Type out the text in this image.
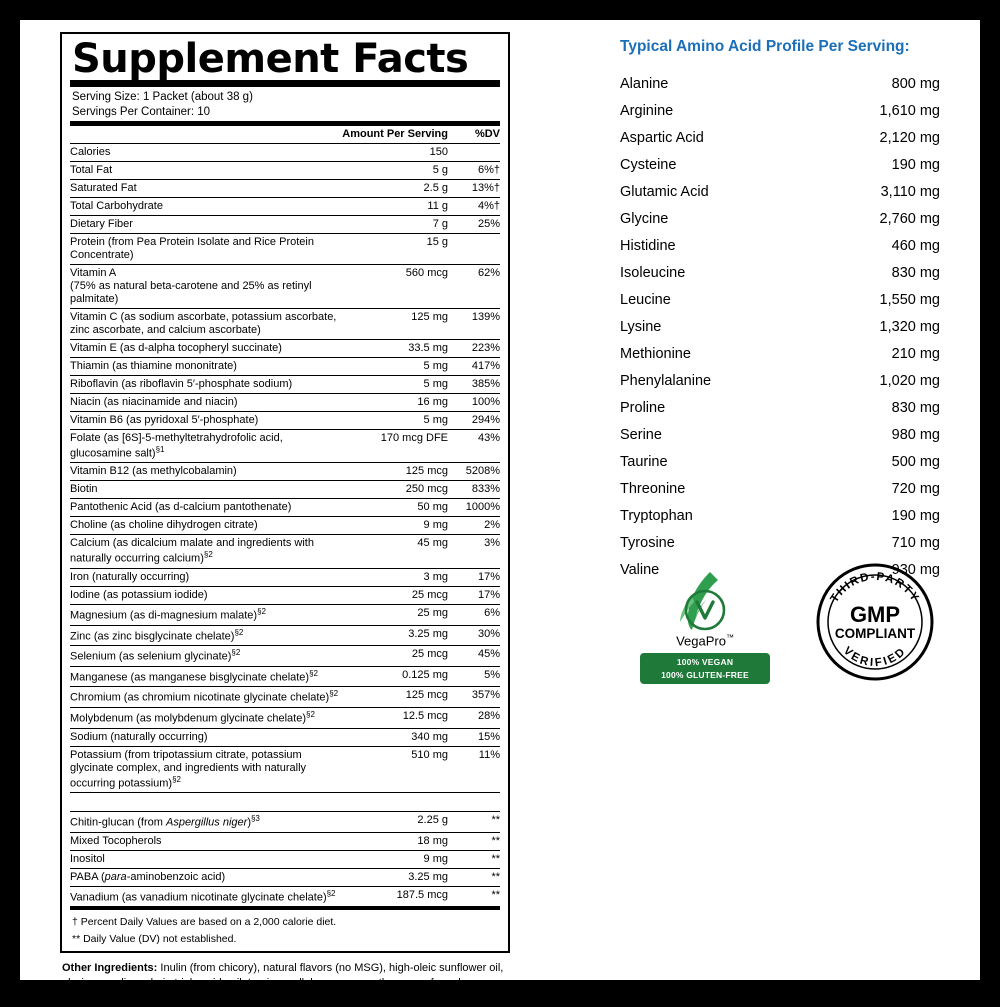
Supplement Facts
Serving Size: 1 Packet (about 38 g)
Servings Per Container: 10
	Amount Per Serving	%DV
Calories	150	
Total Fat	5 g	6%†
Saturated Fat	2.5 g	13%†
Total Carbohydrate	11 g	4%†
Dietary Fiber	7 g	25%
Protein (from Pea Protein Isolate and Rice Protein Concentrate)	15 g	
Vitamin A
(75% as natural beta-carotene and 25% as retinyl palmitate)	560 mcg	62%
Vitamin C (as sodium ascorbate, potassium ascorbate, zinc ascorbate, and calcium ascorbate)	125 mg	139%
Vitamin E (as d-alpha tocopheryl succinate)	33.5 mg	223%
Thiamin (as thiamine mononitrate)	5 mg	417%
Riboflavin (as riboflavin 5′-phosphate sodium)	5 mg	385%
Niacin (as niacinamide and niacin)	16 mg	100%
Vitamin B6 (as pyridoxal 5′-phosphate)	5 mg	294%
Folate (as [6S]-5-methyltetrahydrofolic acid, glucosamine salt)$^{\S 1}$	170 mcg DFE	43%
Vitamin B12 (as methylcobalamin)	125 mcg	5208%
Biotin	250 mcg	833%
Pantothenic Acid (as d-calcium pantothenate)	50 mg	1000%
Choline (as choline dihydrogen citrate)	9 mg	2%
Calcium (as dicalcium malate and ingredients with naturally occurring calcium)$^{\S 2}$	45 mg	3%
Iron (naturally occurring)	3 mg	17%
Iodine (as potassium iodide)	25 mcg	17%
Magnesium (as di-magnesium malate)$^{\S 2}$	25 mg	6%
Zinc (as zinc bisglycinate chelate)$^{\S 2}$	3.25 mg	30%
Selenium (as selenium glycinate)$^{\S 2}$	25 mcg	45%
Manganese (as manganese bisglycinate chelate)$^{\S 2}$	0.125 mg	5%
Chromium (as chromium nicotinate glycinate chelate)$^{\S 2}$	125 mcg	357%
Molybdenum (as molybdenum glycinate chelate)$^{\S 2}$	12.5 mcg	28%
Sodium (naturally occurring)	340 mg	15%
Potassium (from tripotassium citrate, potassium glycinate complex, and ingredients with naturally occurring potassium)$^{\S 2}$	510 mg	11%

Chitin-glucan (from Aspergillus niger)$^{\S 3}$	2.25 g	**
Mixed Tocopherols	18 mg	**
Inositol	9 mg	**
PABA (para-aminobenzoic acid)	3.25 mg	**
Vanadium (as vanadium nicotinate glycinate chelate)$^{\S 2}$	187.5 mcg	**
† Percent Daily Values are based on a 2,000 calorie diet.
** Daily Value (DV) not established.
Other Ingredients: Inulin (from chicory), natural flavors (no MSG), high-oleic sunflower oil, glycine, medium-chain triglyceride oil, taurine, cellulose gum, xanthan gum, fungal proteases,$^{\S 4}$ guar gum, monk fruit extract, and L-glutamine.
Typical Amino Acid Profile Per Serving:
Alanine	800 mg
Arginine	1,610 mg
Aspartic Acid	2,120 mg
Cysteine	190 mg
Glutamic Acid	3,110 mg
Glycine	2,760 mg
Histidine	460 mg
Isoleucine	830 mg
Leucine	1,550 mg
Lysine	1,320 mg
Methionine	210 mg
Phenylalanine	1,020 mg
Proline	830 mg
Serine	980 mg
Taurine	500 mg
Threonine	720 mg
Tryptophan	190 mg
Tyrosine	710 mg
Valine	930 mg
VegaPro™
100% VEGAN
100% GLUTEN-FREE
THIRD-PARTY
VERIFIED
GMP
COMPLIANT
